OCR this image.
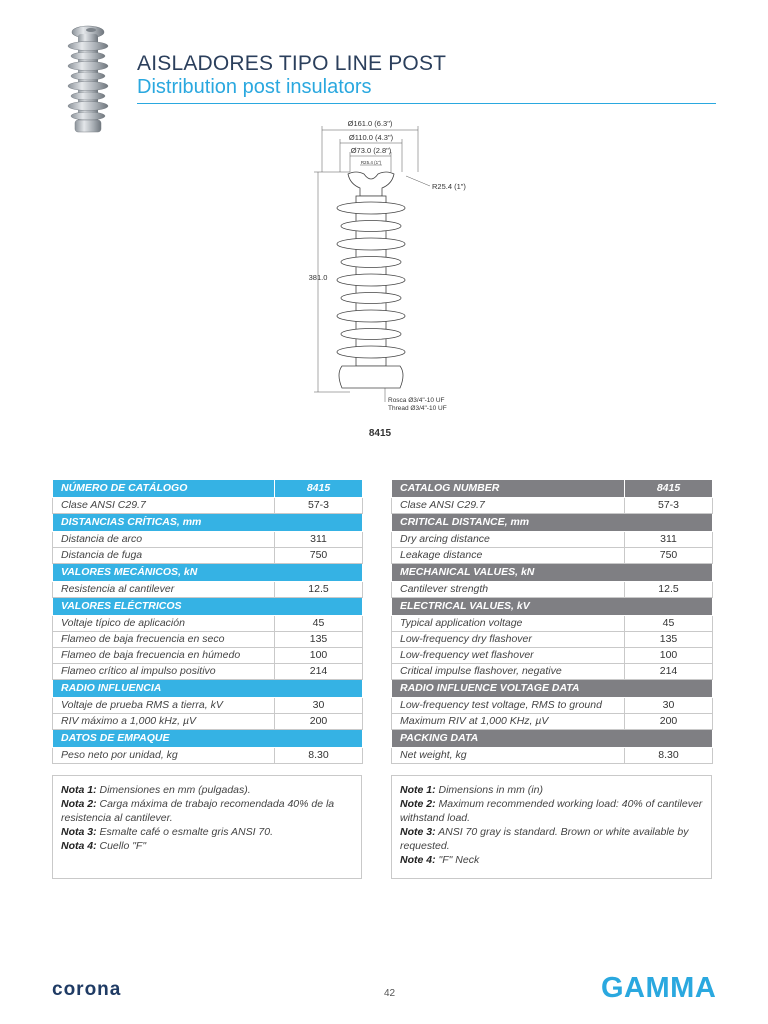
AISLADORES TIPO LINE POST
Distribution post insulators
Ø161.0 (6.3")
Ø110.0 (4.3")
Ø73.0 (2.8")
R25.4 (1")
R25.4 (1")
381.0
Rosca Ø3/4"-10 UF
Thread Ø3/4"-10 UF
8415
NÚMERO DE CATÁLOGO	8415
Clase ANSI C29.7	57-3
DISTANCIAS CRÍTICAS, mm	
Distancia de arco	311
Distancia de fuga	750
VALORES MECÁNICOS, kN	
Resistencia al cantilever	12.5
VALORES ELÉCTRICOS	
Voltaje típico de aplicación	45
Flameo de baja frecuencia en seco	135
Flameo de baja frecuencia en húmedo	100
Flameo crítico al impulso positivo	214
RADIO INFLUENCIA	
Voltaje de prueba RMS a tierra, kV	30
RIV máximo a 1,000 kHz, µV	200
DATOS DE EMPAQUE	
Peso neto por unidad, kg	8.30
CATALOG NUMBER	8415
Clase ANSI C29.7	57-3
CRITICAL DISTANCE, mm	
Dry arcing distance	311
Leakage distance	750
MECHANICAL VALUES, kN	
Cantilever strength	12.5
ELECTRICAL VALUES, kV	
Typical application voltage	45
Low-frequency dry flashover	135
Low-frequency wet flashover	100
Critical impulse flashover, negative	214
RADIO INFLUENCE VOLTAGE DATA	
Low-frequency test voltage, RMS to ground	30
Maximum RIV at 1,000 KHz, µV	200
PACKING DATA	
Net weight, kg	8.30
Nota 1: Dimensiones en mm (pulgadas).
Nota 2: Carga máxima de trabajo recomendada 40% de la resistencia al cantilever.
Nota 3: Esmalte café o esmalte gris ANSI 70.
Nota 4: Cuello "F"
Note 1: Dimensions in mm (in)
Note 2: Maximum recommended working load: 40% of cantilever withstand load.
Note 3: ANSI 70 gray is standard. Brown or white available by requested.
Note 4: "F" Neck
corona	42	GAMMA
